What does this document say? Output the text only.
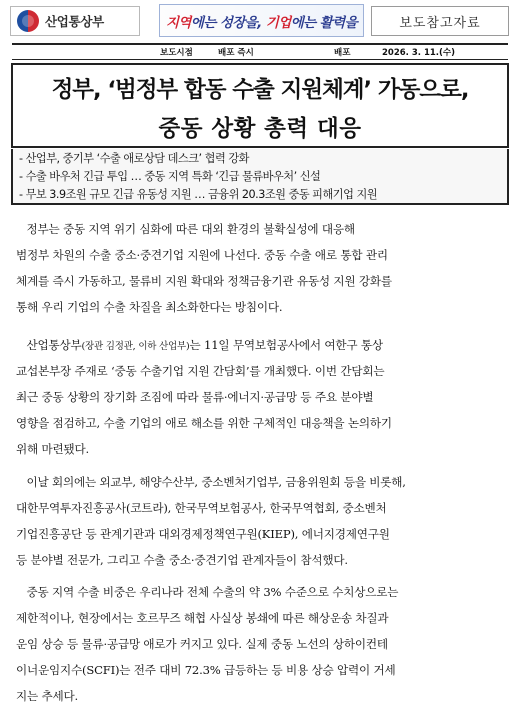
산업통상부	지역 에는 성장을, 기업 에는 활력을	보도참고자료
보도시점	배포 즉시	배포	2026. 3. 11.(수)
정부, ‘범정부 합동 수출 지원체계’ 가동으로,
중동 상황 총력 대응
- 산업부, 중기부 ‘수출 애로상담 데스크’ 협력 강화
- 수출 바우처 긴급 투입 … 중동 지역 특화 ‘긴급 물류바우처’ 신설
- 무보 3.9조원 규모 긴급 유동성 지원 … 금융위 20.3조원 중동 피해기업 지원
정부는 중동 지역 위기 심화에 따른 대외 환경의 불확실성에 대응해
범정부 차원의 수출 중소·중견기업 지원에 나선다. 중동 수출 애로 통합 관리
체계를 즉시 가동하고, 물류비 지원 확대와 정책금융기관 유동성 지원 강화를
통해 우리 기업의 수출 차질을 최소화한다는 방침이다.
산업통상부(장관 김정관, 이하 산업부)는 11일 무역보험공사에서 여한구 통상
교섭본부장 주재로 ‘중동 수출기업 지원 간담회’를 개최했다. 이번 간담회는
최근 중동 상황의 장기화 조짐에 따라 물류·에너지·공급망 등 주요 분야별
영향을 점검하고, 수출 기업의 애로 해소를 위한 구체적인 대응책을 논의하기
위해 마련됐다.
이날 회의에는 외교부, 해양수산부, 중소벤처기업부, 금융위원회 등을 비롯해,
대한무역투자진흥공사(코트라), 한국무역보험공사, 한국무역협회, 중소벤처
기업진흥공단 등 관계기관과 대외경제정책연구원(KIEP), 에너지경제연구원
등 분야별 전문가, 그리고 수출 중소·중견기업 관계자들이 참석했다.
중동 지역 수출 비중은 우리나라 전체 수출의 약 3% 수준으로 수치상으로는
제한적이나, 현장에서는 호르무즈 해협 사실상 봉쇄에 따른 해상운송 차질과
운임 상승 등 물류·공급망 애로가 커지고 있다. 실제 중동 노선의 상하이컨테
이너운임지수(SCFI)는 전주 대비 72.3% 급등하는 등 비용 상승 압력이 거세
지는 추세다.
